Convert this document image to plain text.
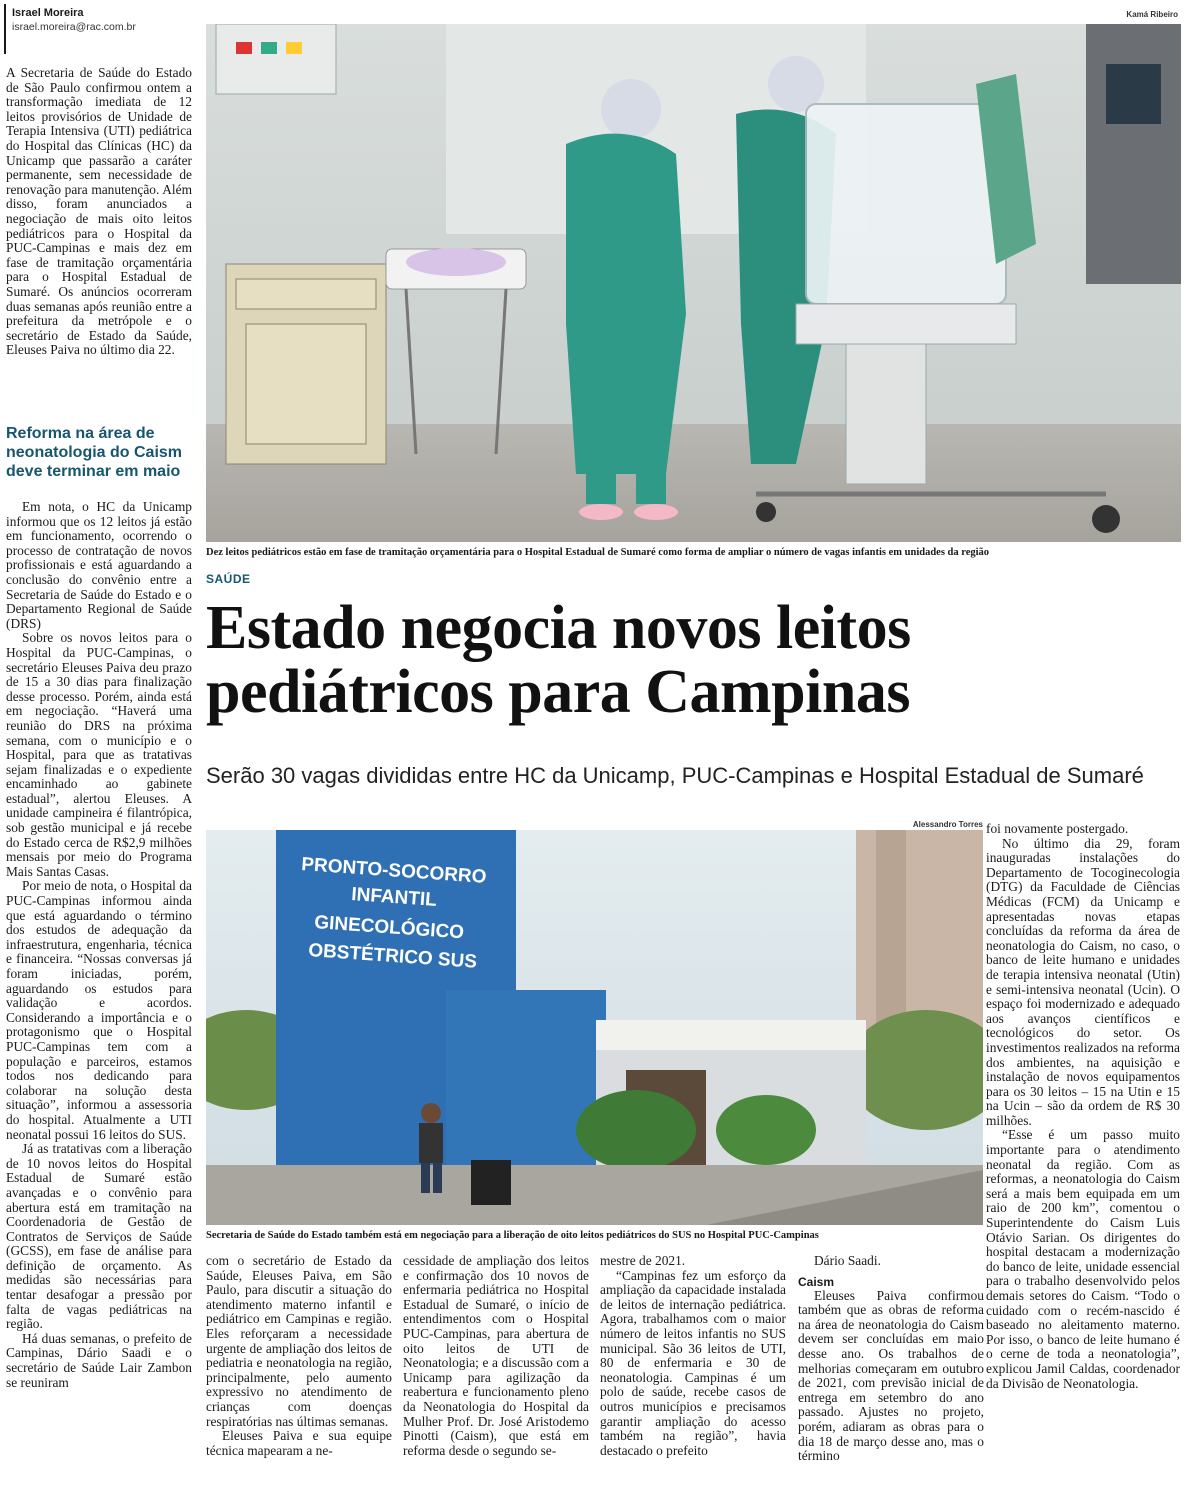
Israel Moreira
israel.moreira@rac.com.br

A Secretaria de Saúde do Estado de São Paulo confirmou ontem a transformação imediata de 12 leitos provisórios de Unidade de Terapia Intensiva (UTI) pediátrica do Hospital das Clínicas (HC) da Unicamp que passarão a caráter permanente, sem necessidade de renovação para manutenção. Além disso, foram anunciados a negociação de mais oito leitos pediátricos para o Hospital da PUC-Campinas e mais dez em fase de tramitação orçamentária para o Hospital Estadual de Sumaré. Os anúncios ocorreram duas semanas após reunião entre a prefeitura da metrópole e o secretário de Estado da Saúde, Eleuses Paiva no último dia 22.

Reforma na área de neonatologia do Caism deve terminar em maio

Em nota, o HC da Unicamp informou que os 12 leitos já estão em funcionamento, ocorrendo o processo de contratação de novos profissionais e está aguardando a conclusão do convênio entre a Secretaria de Saúde do Estado e o Departamento Regional de Saúde (DRS)

Sobre os novos leitos para o Hospital da PUC-Campinas, o secretário Eleuses Paiva deu prazo de 15 a 30 dias para finalização desse processo. Porém, ainda está em negociação. “Haverá uma reunião do DRS na próxima semana, com o município e o Hospital, para que as tratativas sejam finalizadas e o expediente encaminhado ao gabinete estadual”, alertou Eleuses. A unidade campineira é filantrópica, sob gestão municipal e já recebe do Estado cerca de R$2,9 milhões mensais por meio do Programa Mais Santas Casas.

Por meio de nota, o Hospital da PUC-Campinas informou ainda que está aguardando o término dos estudos de adequação da infraestrutura, engenharia, técnica e financeira. “Nossas conversas já foram iniciadas, porém, aguardando os estudos para validação e acordos. Considerando a importância e o protagonismo que o Hospital PUC-Campinas tem com a população e parceiros, estamos todos nos dedicando para colaborar na solução desta situação”, informou a assessoria do hospital. Atualmente a UTI neonatal possui 16 leitos do SUS.

Já as tratativas com a liberação de 10 novos leitos do Hospital Estadual de Sumaré estão avançadas e o convênio para abertura está em tramitação na Coordenadoria de Gestão de Contratos de Serviços de Saúde (GCSS), em fase de análise para definição de orçamento. As medidas são necessárias para tentar desafogar a pressão por falta de vagas pediátricas na região.

Há duas semanas, o prefeito de Campinas, Dário Saadi e o secretário de Saúde Lair Zambon se reuniram

Kamá Ribeiro
Dez leitos pediátricos estão em fase de tramitação orçamentária para o Hospital Estadual de Sumaré como forma de ampliar o número de vagas infantis em unidades da região
SAÚDE
Estado negocia novos leitos
pediátricos para Campinas
Serão 30 vagas divididas entre HC da Unicamp, PUC-Campinas e Hospital Estadual de Sumaré
Alessandro Torres
PRONTO-SOCORRO
INFANTIL
GINECOLÓGICO
OBSTÉTRICO SUS
Secretaria de Saúde do Estado também está em negociação para a liberação de oito leitos pediátricos do SUS no Hospital PUC-Campinas

foi novamente postergado.

No último dia 29, foram inauguradas instalações do Departamento de Tocoginecologia (DTG) da Faculdade de Ciências Médicas (FCM) da Unicamp e apresentadas novas etapas concluídas da reforma da área de neonatologia do Caism, no caso, o banco de leite humano e unidades de terapia intensiva neonatal (Utin) e semi-intensiva neonatal (Ucin). O espaço foi modernizado e adequado aos avanços científicos e tecnológicos do setor. Os investimentos realizados na reforma dos ambientes, na aquisição e instalação de novos equipamentos para os 30 leitos – 15 na Utin e 15 na Ucin – são da ordem de R$ 30 milhões.

“Esse é um passo muito importante para o atendimento neonatal da região. Com as reformas, a neonatologia do Caism será a mais bem equipada em um raio de 200 km”, comentou o Superintendente do Caism Luis Otávio Sarian. Os dirigentes do hospital destacam a modernização do banco de leite, unidade essencial para o trabalho desenvolvido pelos demais setores do Caism. “Todo o cuidado com o recém-nascido é baseado no aleitamento materno. Por isso, o banco de leite humano é o cerne de toda a neonatologia”, explicou Jamil Caldas, coordenador da Divisão de Neonatologia.

com o secretário de Estado da Saúde, Eleuses Paiva, em São Paulo, para discutir a situação do atendimento materno infantil e pediátrico em Campinas e região. Eles reforçaram a necessidade urgente de ampliação dos leitos de pediatria e neonatologia na região, principalmente, pelo aumento expressivo no atendimento de crianças com doenças respiratórias nas últimas semanas.

Eleuses Paiva e sua equipe técnica mapearam a ne-

cessidade de ampliação dos leitos e confirmação dos 10 novos de enfermaria pediátrica no Hospital Estadual de Sumaré, o início de entendimentos com o Hospital PUC-Campinas, para abertura de oito leitos de UTI de Neonatologia; e a discussão com a Unicamp para agilização da reabertura e funcionamento pleno da Neonatologia do Hospital da Mulher Prof. Dr. José Aristodemo Pinotti (Caism), que está em reforma desde o segundo se-

mestre de 2021.

“Campinas fez um esforço da ampliação da capacidade instalada de leitos de internação pediátrica. Agora, trabalhamos com o maior número de leitos infantis no SUS municipal. São 36 leitos de UTI, 80 de enfermaria e 30 de neonatologia. Campinas é um polo de saúde, recebe casos de outros municípios e precisamos garantir ampliação do acesso também na região”, havia destacado o prefeito

Dário Saadi.

Caism

Eleuses Paiva confirmou também que as obras de reforma na área de neonatologia do Caism devem ser concluídas em maio desse ano. Os trabalhos de melhorias começaram em outubro de 2021, com previsão inicial de entrega em setembro do ano passado. Ajustes no projeto, porém, adiaram as obras para o dia 18 de março desse ano, mas o término
